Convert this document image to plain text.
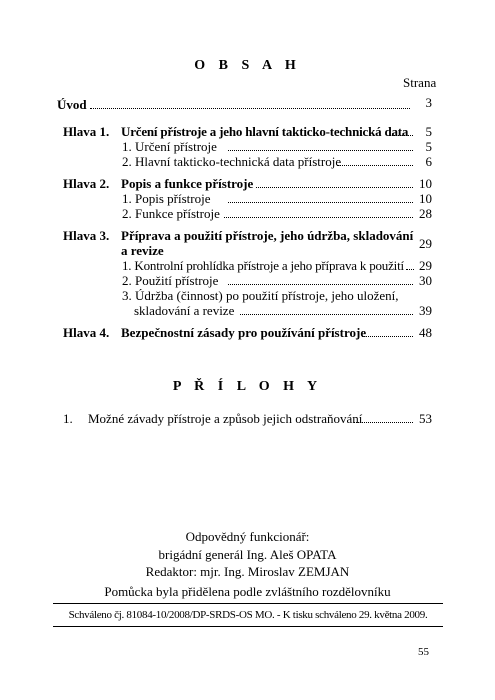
O B S A H
Strana
Úvod	3
Hlava 1. Určení přístroje a jeho hlavní takticko-technická data	5
1. Určení přístroje	5
2. Hlavní takticko-technická data přístroje	6
Hlava 2. Popis a funkce přístroje	10
1. Popis přístroje	10
2. Funkce přístroje	28
Hlava 3. Příprava a použití přístroje, jeho údržba, skladování
a revize	29
1. Kontrolní prohlídka přístroje a jeho příprava k použití	29
2. Použití přístroje	30
3. Údržba (činnost) po použití přístroje, jeho uložení,
skladování a revize	39
Hlava 4. Bezpečnostní zásady pro používání přístroje	48
P Ř Í L O H Y
1. Možné závady přístroje a způsob jejich odstraňování	53
Odpovědný funkcionář:
brigádní generál Ing. Aleš OPATA
Redaktor: mjr. Ing. Miroslav ZEMJAN
Pomůcka byla přidělena podle zvláštního rozdělovníku
Schváleno čj. 81084-10/2008/DP-SRDS-OS MO. - K tisku schváleno 29. května 2009.
55
